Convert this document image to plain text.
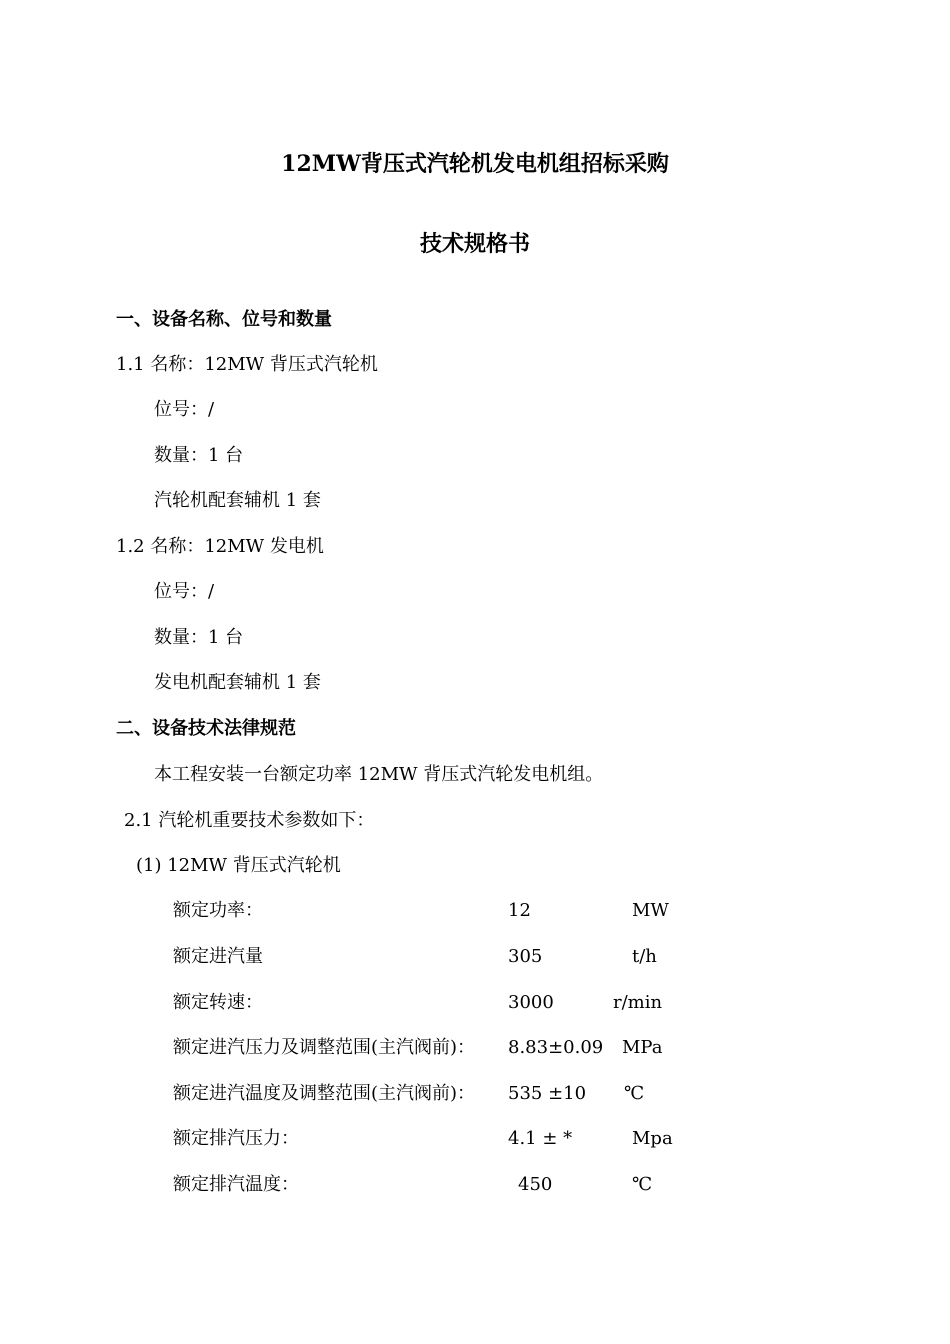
12MW背压式汽轮机发电机组招标采购
技术规格书
一、设备名称、位号和数量
1.1 名称：12MW 背压式汽轮机
位号：/
数量：1 台
汽轮机配套辅机 1 套
1.2 名称：12MW 发电机
位号：/
数量：1 台
发电机配套辅机 1 套
二、设备技术法律规范
本工程安装一台额定功率 12MW 背压式汽轮发电机组。
2.1 汽轮机重要技术参数如下：
(1) 12MW 背压式汽轮机
额定功率：	12	MW
额定进汽量	305	t/h
额定转速：	3000	r/min
额定进汽压力及调整范围(主汽阀前)： 8.83±0.09 MPa
额定进汽温度及调整范围(主汽阀前)： 535 ±10 ℃
额定排汽压力：	4.1 ± *	Mpa
额定排汽温度：	450	℃
